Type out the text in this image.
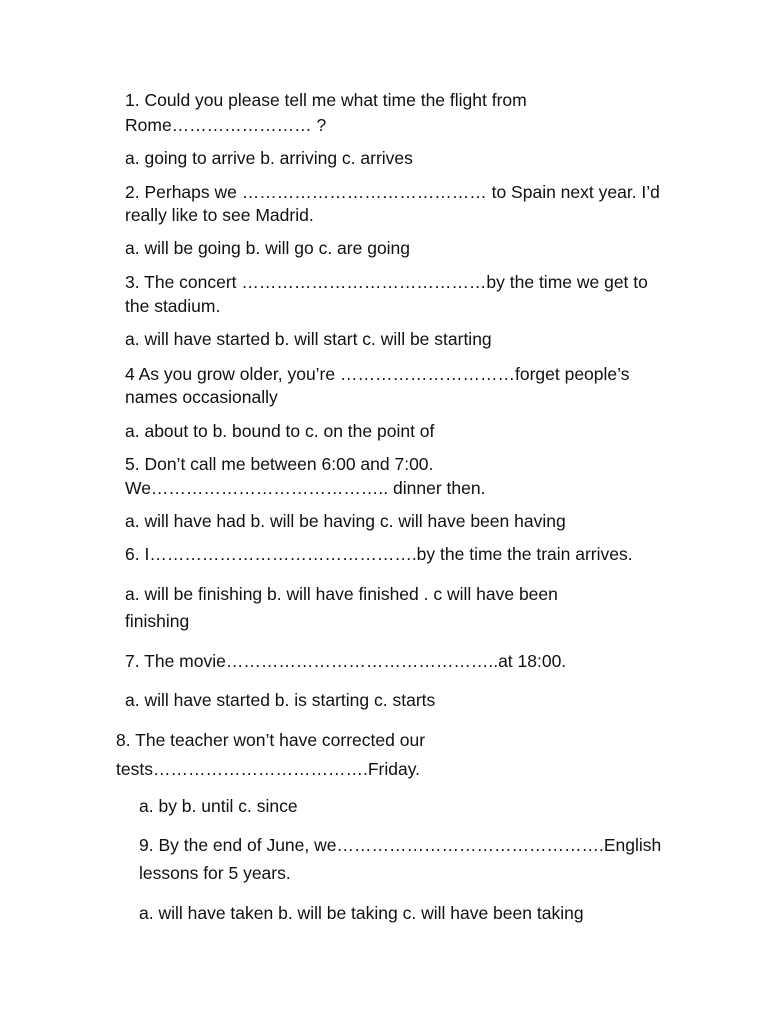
1. Could you please tell me what time the flight from

Rome…………………… ?

a. going to arrive b. arriving c. arrives

2. Perhaps we …………………………………… to Spain next year. I’d

really like to see Madrid.

a. will be going b. will go c. are going

3. The concert ……………………………………by the time we get to

the stadium.

a. will have started b. will start c. will be starting

4 As you grow older, you’re …………………………forget people’s

names occasionally

a. about to b. bound to c. on the point of

5. Don’t call me between 6:00 and 7:00.

We………………………………….. dinner then.

a. will have had b. will be having c. will have been having

6. I……………………………………….by the time the train arrives.

a. will be finishing b. will have finished . c will have been

finishing

7. The movie………………………………………..at 18:00.

a. will have started b. is starting c. starts

8. The teacher won’t have corrected our

tests……………………………….Friday.

a. by b. until c. since

9. By the end of June, we……………………………………….English

lessons for 5 years.

a. will have taken b. will be taking c. will have been taking
